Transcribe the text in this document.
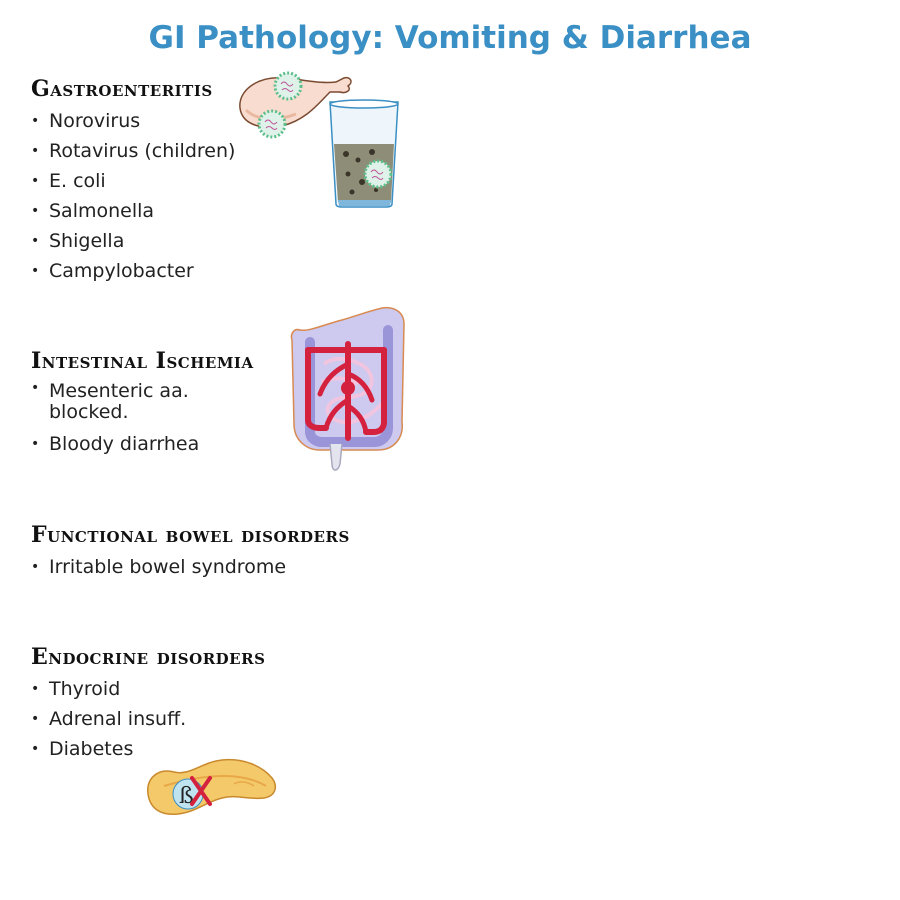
GI Pathology: Vomiting & Diarrhea
Gastroenteritis
• Norovirus
• Rotavirus (children)
• E. coli
• Salmonella
• Shigella
• Campylobacter
Intestinal Ischemia
• Mesenteric aa. blocked.
• Bloody diarrhea
Functional bowel disorders
• Irritable bowel syndrome
Endocrine disorders
• Thyroid
• Adrenal insuff.
• Diabetes
ß
